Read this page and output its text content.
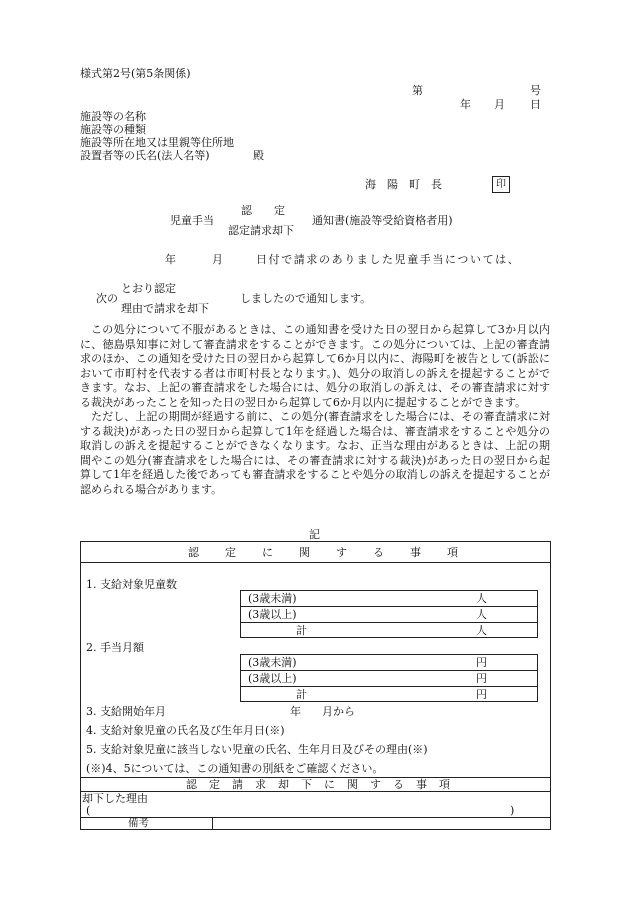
様式第2号(第5条関係)
第	号
年 月 日
施設等の名称
施設等の種類
施設等所在地又は里親等住所地
設置者等の氏名(法人名等)	殿
海　陽　町　長	印
認　　定
児童手当	通知書(施設等受給資格者用)
認定請求却下
年	月	日付で請求のありました児童手当については、
とおり認定
次の	しましたので通知します。
理由で請求を却下

この処分について不服があるときは、この通知書を受けた日の翌日から起算して3か月以内に、徳島県知事に対して審査請求をすることができます。この処分については、上記の審査請求のほか、この通知を受けた日の翌日から起算して6か月以内に、海陽町を被告として(訴訟において市町村を代表する者は市町村長となります。)、処分の取消しの訴えを提起することができます。なお、上記の審査請求をした場合には、処分の取消しの訴えは、その審査請求に対する裁決があったことを知った日の翌日から起算して6か月以内に提起することができます。

ただし、上記の期間が経過する前に、この処分(審査請求をした場合には、その審査請求に対する裁決)があった日の翌日から起算して1年を経過した場合は、審査請求をすることや処分の取消しの訴えを提起することができなくなります。なお、正当な理由があるときは、上記の期間やこの処分(審査請求をした場合には、その審査請求に対する裁決)があった日の翌日から起算して1年を経過した後であっても審査請求をすることや処分の取消しの訴えを提起することが認められる場合があります。

記
認定に関する事項
1. 支給対象児童数
(3歳未満)	人
(3歳以上)	人
計	人
2. 手当月額
(3歳未満)	円
(3歳以上)	円
計	円
3. 支給開始年月	年 月から
4. 支給対象児童の氏名及び生年月日(※)
5. 支給対象児童に該当しない児童の氏名、生年月日及びその理由(※)
(※)4、5については、この通知書の別紙をご確認ください。
認定請求却下に関する事項
却下した理由
(	)
備考
